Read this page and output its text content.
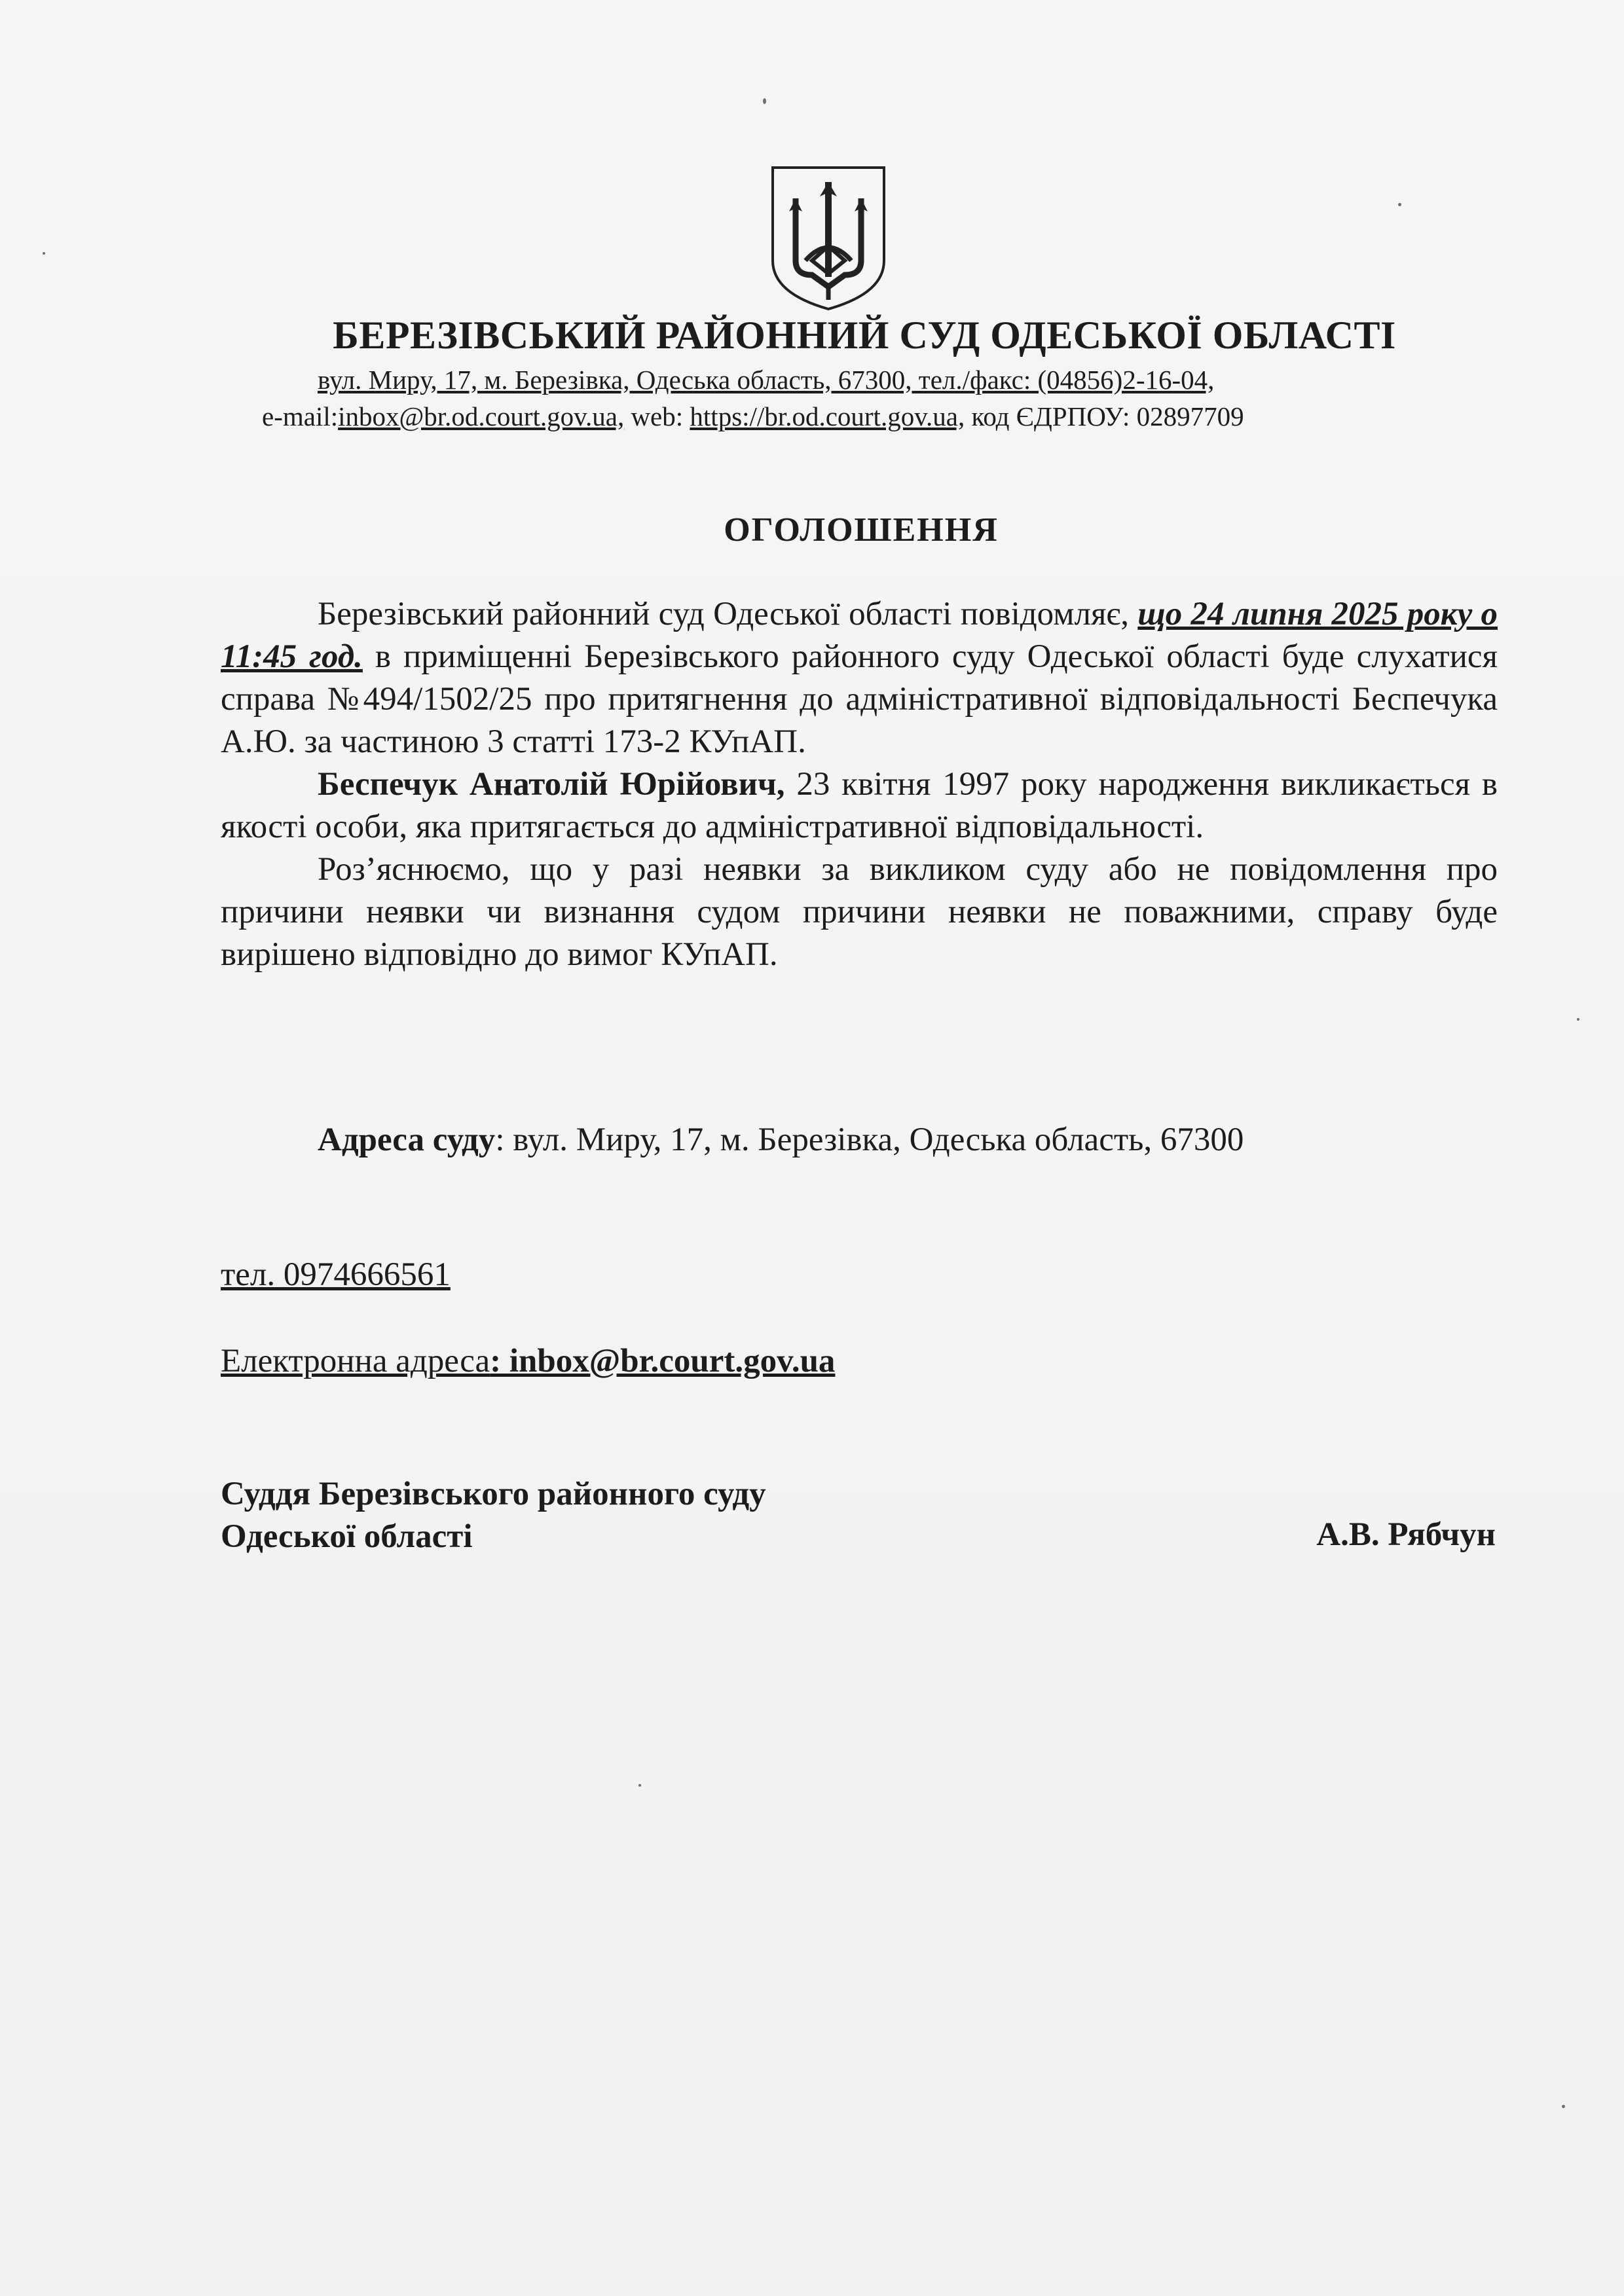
БЕРЕЗІВСЬКИЙ РАЙОННИЙ СУД ОДЕСЬКОЇ ОБЛАСТІ
вул. Миру, 17, м. Березівка, Одеська область, 67300, тел./факс: (04856)2-16-04,
e-mail:inbox@br.od.court.gov.ua, web: https://br.od.court.gov.ua, код ЄДРПОУ: 02897709
ОГОЛОШЕННЯ

Березівський районний суд Одеської області повідомляє, що 24 липня 2025 року о 11:45 год. в приміщенні Березівського районного суду Одеської області буде слухатися справа №494/1502/25 про притягнення до адміністративної відповідальності Беспечука А.Ю. за частиною 3 статті 173-2 КУпАП.

Беспечук Анатолій Юрійович, 23 квітня 1997 року народження викликається в якості особи, яка притягається до адміністративної відповідальності.

Роз’яснюємо, що у разі неявки за викликом суду або не повідомлення про причини неявки чи визнання судом причини неявки не поважними, справу буде вирішено відповідно до вимог КУпАП.

Адреса суду: вул. Миру, 17, м. Березівка, Одеська область, 67300
тел. 0974666561
Електронна адреса: inbox@br.court.gov.ua
Суддя Березівського районного суду
Одеської області	А.В. Рябчун
